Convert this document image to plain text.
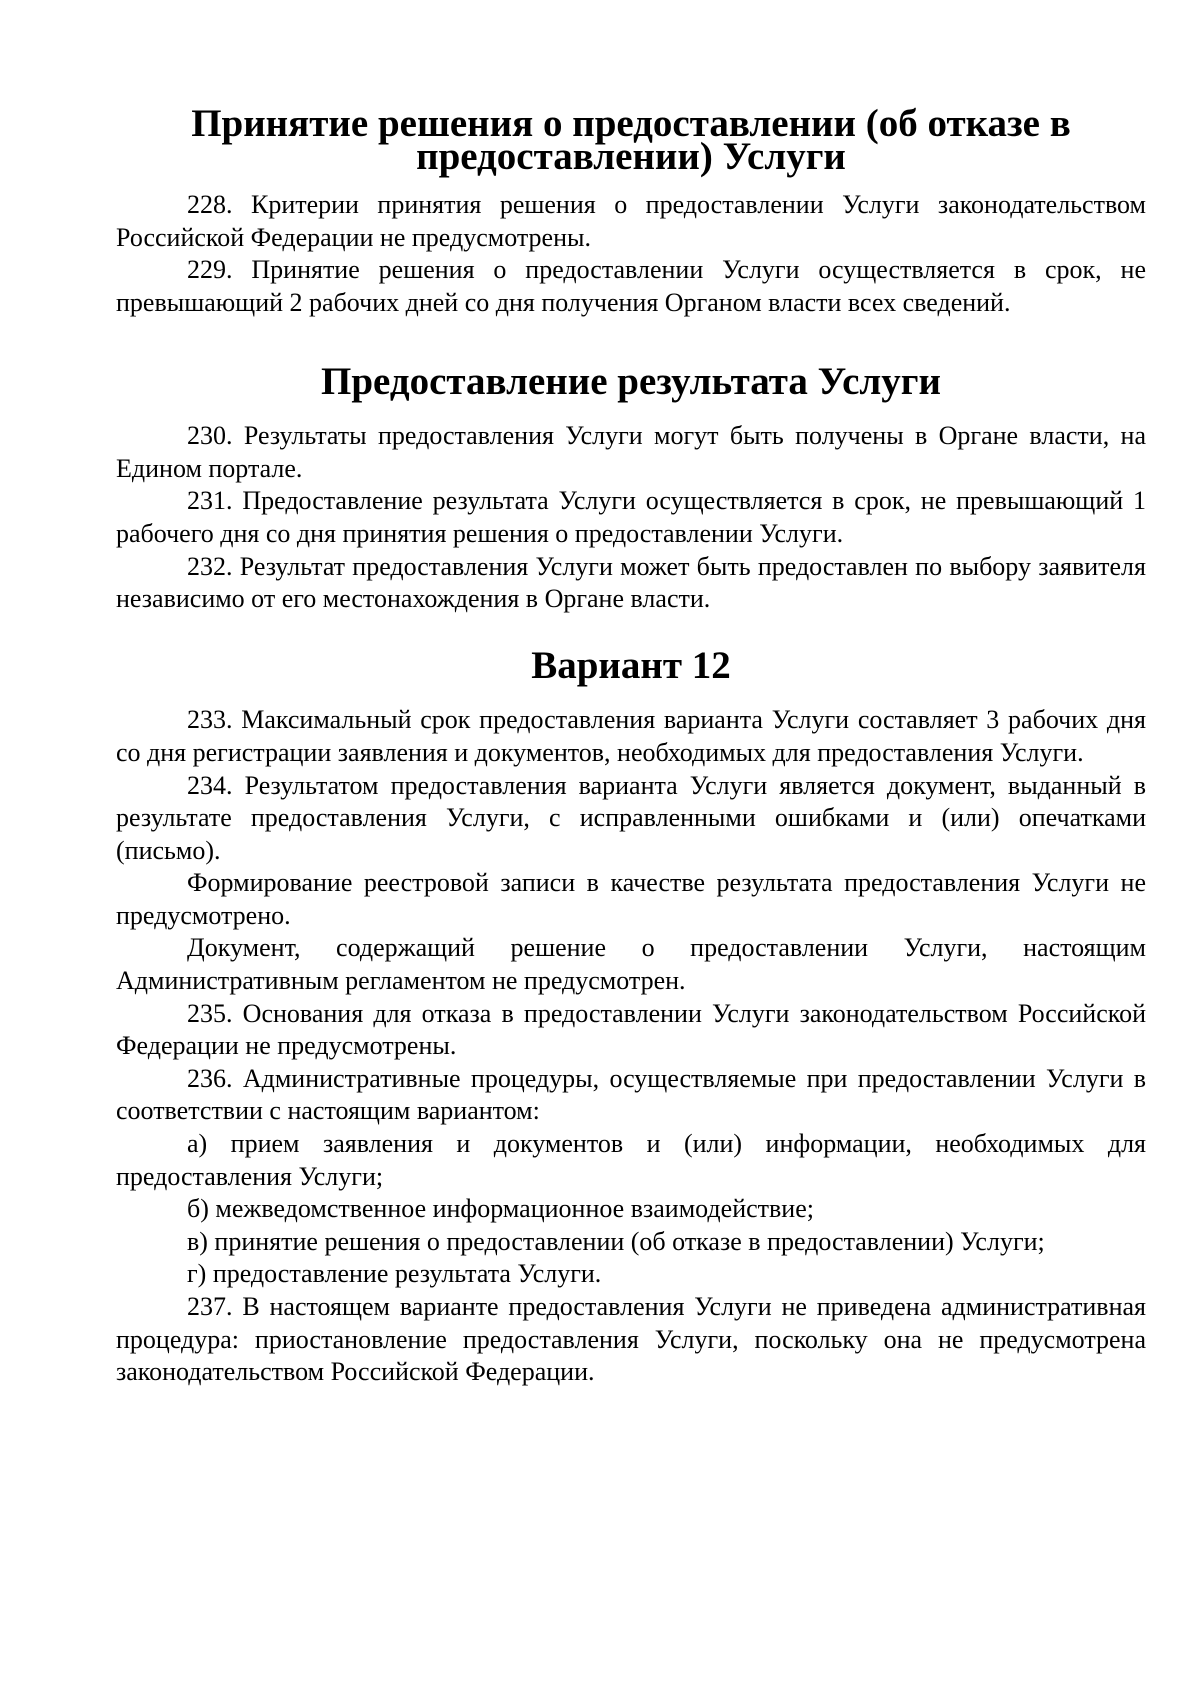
Принятие решения о предоставлении (об отказе в предоставлении) Услуги

228. Критерии принятия решения о предоставлении Услуги законодательством Российской Федерации не предусмотрены.

229. Принятие решения о предоставлении Услуги осуществляется в срок, не превышающий 2 рабочих дней со дня получения Органом власти всех сведений.

Предоставление результата Услуги

230. Результаты предоставления Услуги могут быть получены в Органе власти, на Едином портале.

231. Предоставление результата Услуги осуществляется в срок, не превышающий 1 рабочего дня со дня принятия решения о предоставлении Услуги.

232. Результат предоставления Услуги может быть предоставлен по выбору заявителя независимо от его местонахождения в Органе власти.

Вариант 12

233. Максимальный срок предоставления варианта Услуги составляет 3 рабочих дня со дня регистрации заявления и документов, необходимых для предоставления Услуги.

234. Результатом предоставления варианта Услуги является документ, выданный в результате предоставления Услуги, с исправленными ошибками и (или) опечатками (письмо).

Формирование реестровой записи в качестве результата предоставления Услуги не предусмотрено.

Документ, содержащий решение о предоставлении Услуги, настоящим Административным регламентом не предусмотрен.

235. Основания для отказа в предоставлении Услуги законодательством Российской Федерации не предусмотрены.

236. Административные процедуры, осуществляемые при предоставлении Услуги в соответствии с настоящим вариантом:

а) прием заявления и документов и (или) информации, необходимых для предоставления Услуги;

б) межведомственное информационное взаимодействие;

в) принятие решения о предоставлении (об отказе в предоставлении) Услуги;

г) предоставление результата Услуги.

237. В настоящем варианте предоставления Услуги не приведена административная процедура: приостановление предоставления Услуги, поскольку она не предусмотрена законодательством Российской Федерации.
